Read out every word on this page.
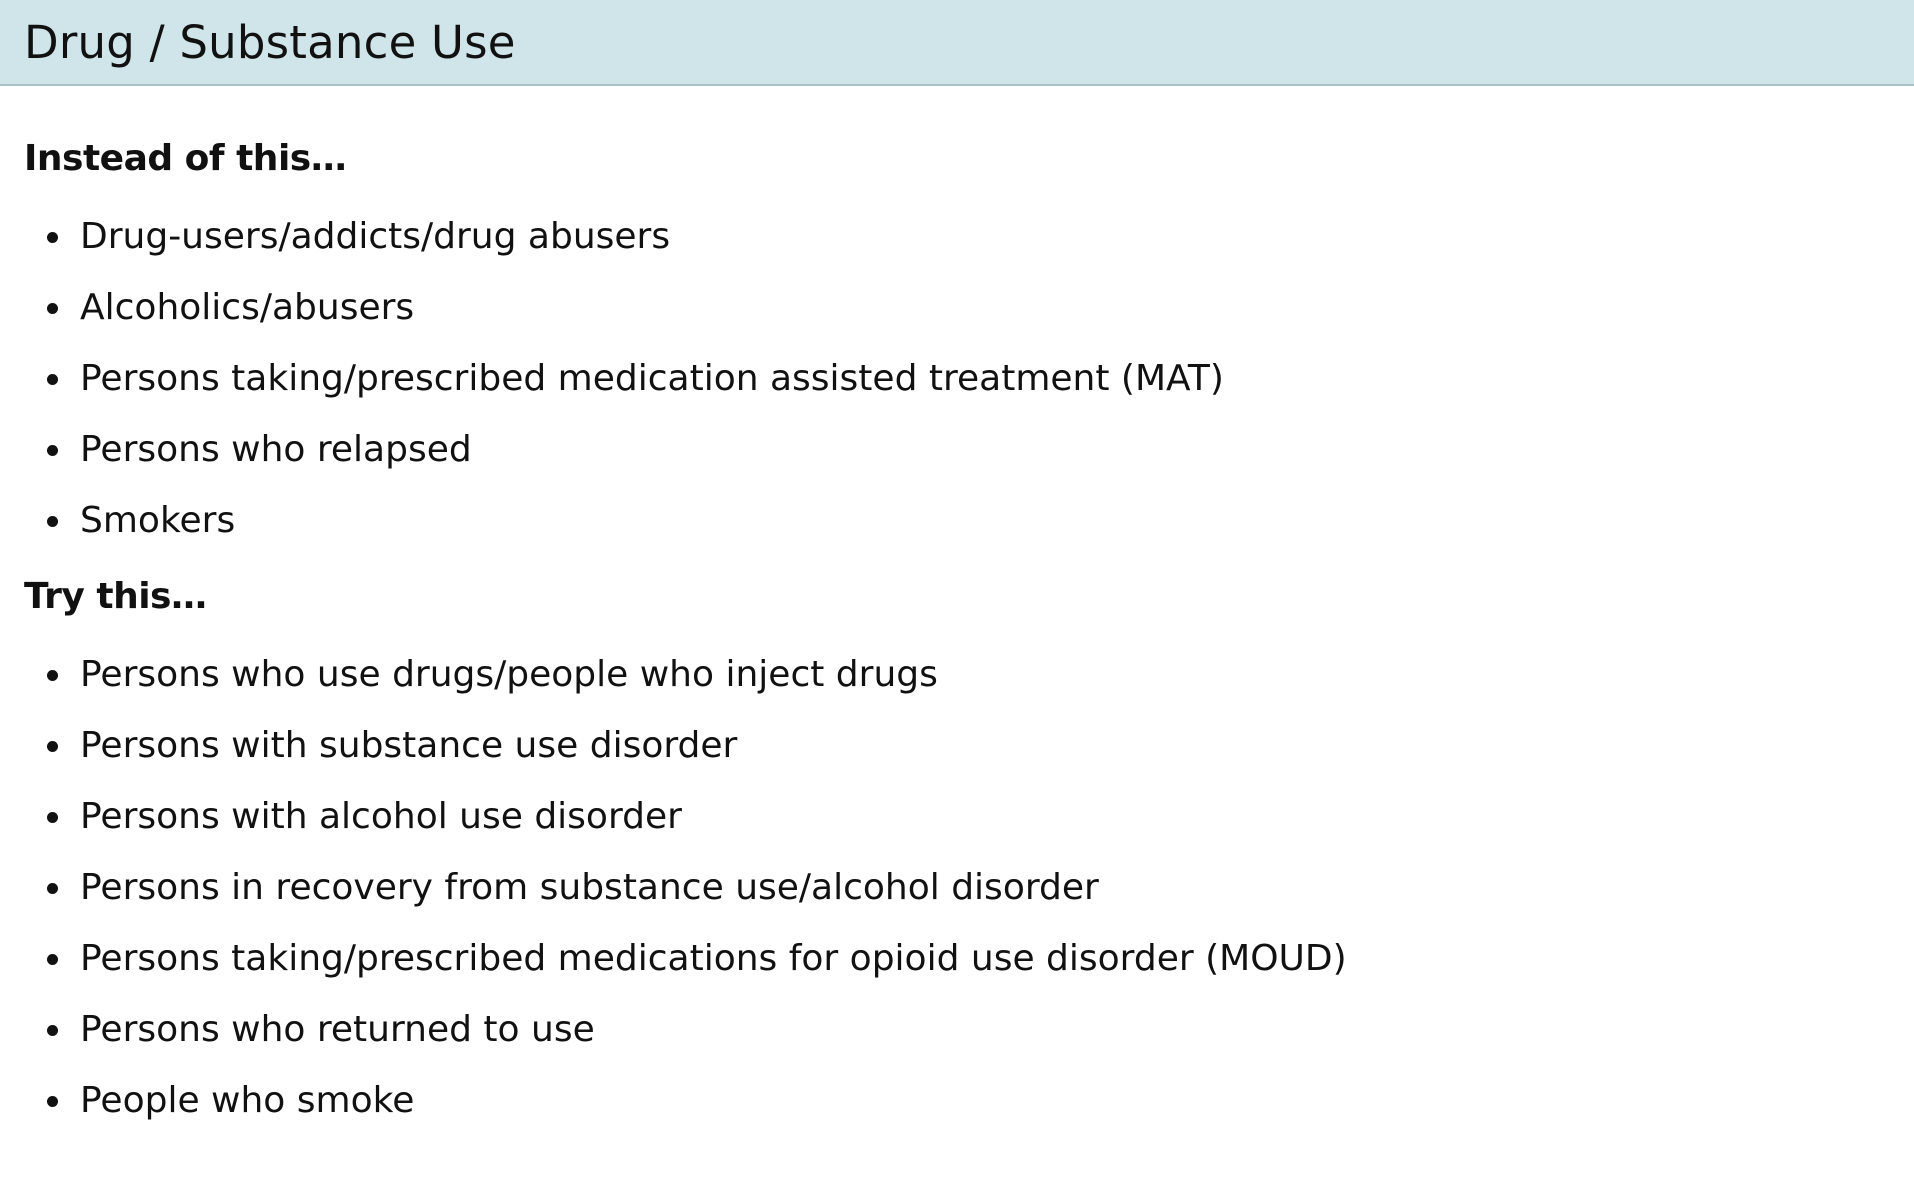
Drug / Substance Use
Instead of this…
Drug-users/addicts/drug abusers
Alcoholics/abusers
Persons taking/prescribed medication assisted treatment (MAT)
Persons who relapsed
Smokers
Try this…
Persons who use drugs/people who inject drugs
Persons with substance use disorder
Persons with alcohol use disorder
Persons in recovery from substance use/alcohol disorder
Persons taking/prescribed medications for opioid use disorder (MOUD)
Persons who returned to use
People who smoke
